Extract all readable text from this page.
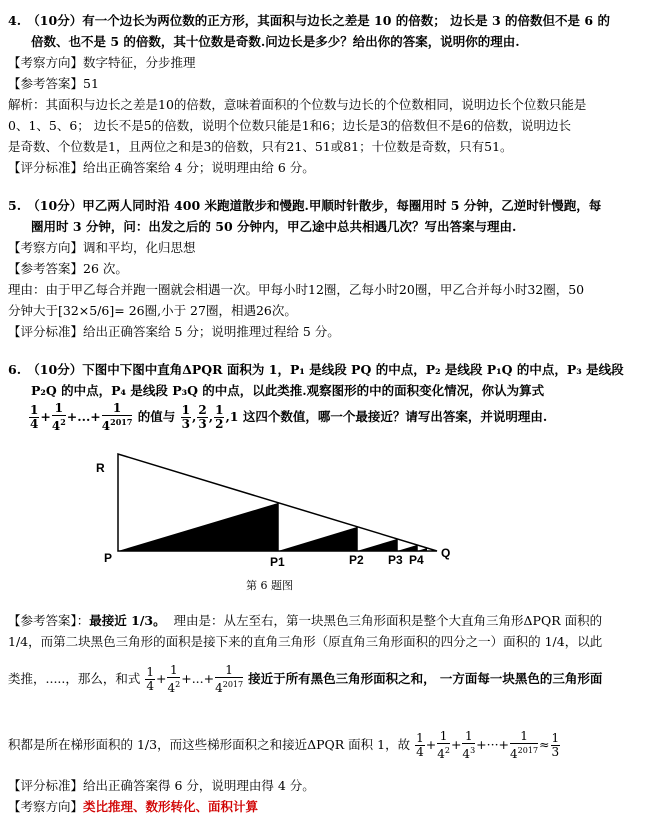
4.　（10分）有一个边长为两位数的正方形，其面积与边长之差是 10 的倍数； 边长是 3 的倍数但不是 6 的
倍数、也不是 5 的倍数，其十位数是奇数.问边长是多少？给出你的答案，说明你的理由.
【考察方向】数字特征，分步推理
【参考答案】51
解析：其面积与边长之差是10的倍数，意味着面积的个位数与边长的个位数相同，说明边长个位数只能是
0、1、5、6； 边长不是5的倍数，说明个位数只能是1和6；边长是3的倍数但不是6的倍数，说明边长
是奇数、个位数是1，且两位之和是3的倍数，只有21、51或81；十位数是奇数，只有51。
【评分标准】给出正确答案给 4 分；说明理由给 6 分。
5.　（10分）甲乙两人同时沿 400 米跑道散步和慢跑.甲顺时针散步，每圈用时 5 分钟，乙逆时针慢跑，每
圈用时 3 分钟，问：出发之后的 50 分钟内，甲乙途中总共相遇几次？写出答案与理由.
【考察方向】调和平均，化归思想
【参考答案】26 次。
理由：由于甲乙每合并跑一圈就会相遇一次。甲每小时12圈，乙每小时20圈，甲乙合并每小时32圈，50
分钟大于[32×5/6]= 26圈,小于 27圈，相遇26次。
【评分标准】给出正确答案给 5 分；说明推理过程给 5 分。
6.　（10分）下图中下图中直角ΔPQR 面积为 1，P₁ 是线段 PQ 的中点，P₂ 是线段 P₁Q 的中点，P₃ 是线段
P₂Q 的中点，P₄ 是线段 P₃Q 的中点，以此类推.观察图形的中的面积变化情况，你认为算式
$\frac{1}{4} + \frac{1}{4^2}$ +...+ $\frac{1}{4^{2017}}$ 的值与 $\frac{1}{3}$ , $\frac{2}{3}$ , $\frac{1}{2} ,1$ 这四个数值，哪一个最接近？请写出答案，并说明理由.
R
P	Q
P1	P2 P3 P4
第 6 题图
【参考答案】：最接近 1/3。 理由是：从左至右，第一块黑色三角形面积是整个大直角三角形ΔPQR 面积的
1/4，而第二块黑色三角形的面积是接下来的直角三角形（原直角三角形面积的四分之一）面积的 1/4，以此
类推，.....，那么，和式 $\frac{1}{4} + \frac{1}{4^2}$ +...+ $\frac{1}{4^{2017}}$ 接近于所有黑色三角形面积之和， 一方面每一块黑色的三角形面
积都是所在梯形面积的 1/3，而这些梯形面积之和接近ΔPQR 面积 1，故 $\frac{1}{4} + \frac{1}{4^2} + \frac{1}{4^3}$ +···+ $\frac{1}{4^{2017}} \approx \frac{1}{3}$
【评分标准】给出正确答案得 6 分，说明理由得 4 分。
【考察方向】类比推理、数形转化、面积计算
